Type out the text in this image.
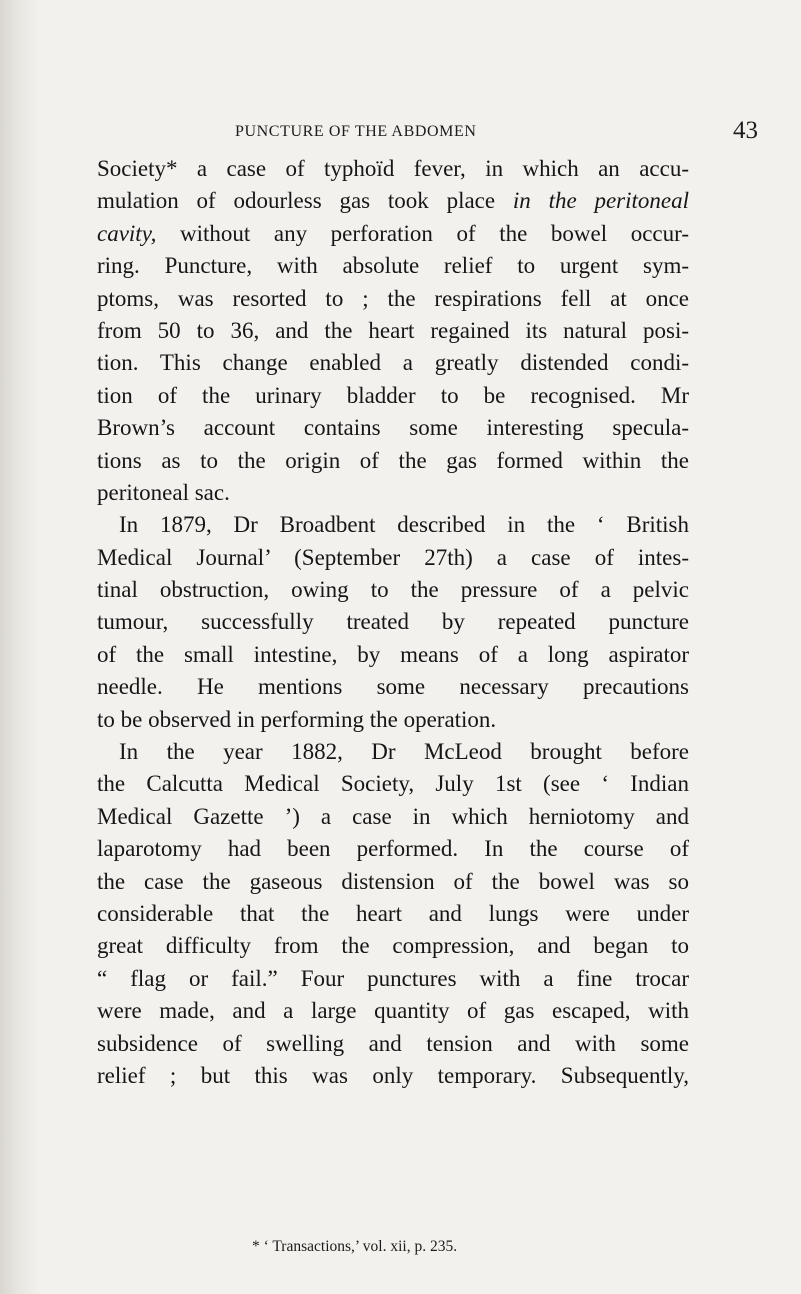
PUNCTURE OF THE ABDOMEN	43
Society* a case of typhoïd fever, in which an accu-
mulation of odourless gas took place in the peritoneal
cavity, without any perforation of the bowel occur-
ring. Puncture, with absolute relief to urgent sym-
ptoms, was resorted to ; the respirations fell at once
from 50 to 36, and the heart regained its natural posi-
tion. This change enabled a greatly distended condi-
tion of the urinary bladder to be recognised. Mr
Brown’s account contains some interesting specula-
tions as to the origin of the gas formed within the
peritoneal sac.
In 1879, Dr Broadbent described in the ‘ British
Medical Journal’ (September 27th) a case of intes-
tinal obstruction, owing to the pressure of a pelvic
tumour, successfully treated by repeated puncture
of the small intestine, by means of a long aspirator
needle. He mentions some necessary precautions
to be observed in performing the operation.
In the year 1882, Dr McLeod brought before
the Calcutta Medical Society, July 1st (see ‘ Indian
Medical Gazette ’) a case in which herniotomy and
laparotomy had been performed. In the course of
the case the gaseous distension of the bowel was so
considerable that the heart and lungs were under
great difficulty from the compression, and began to
“ flag or fail.” Four punctures with a fine trocar
were made, and a large quantity of gas escaped, with
subsidence of swelling and tension and with some
relief ; but this was only temporary. Subsequently,
* ‘ Transactions,’ vol. xii, p. 235.
